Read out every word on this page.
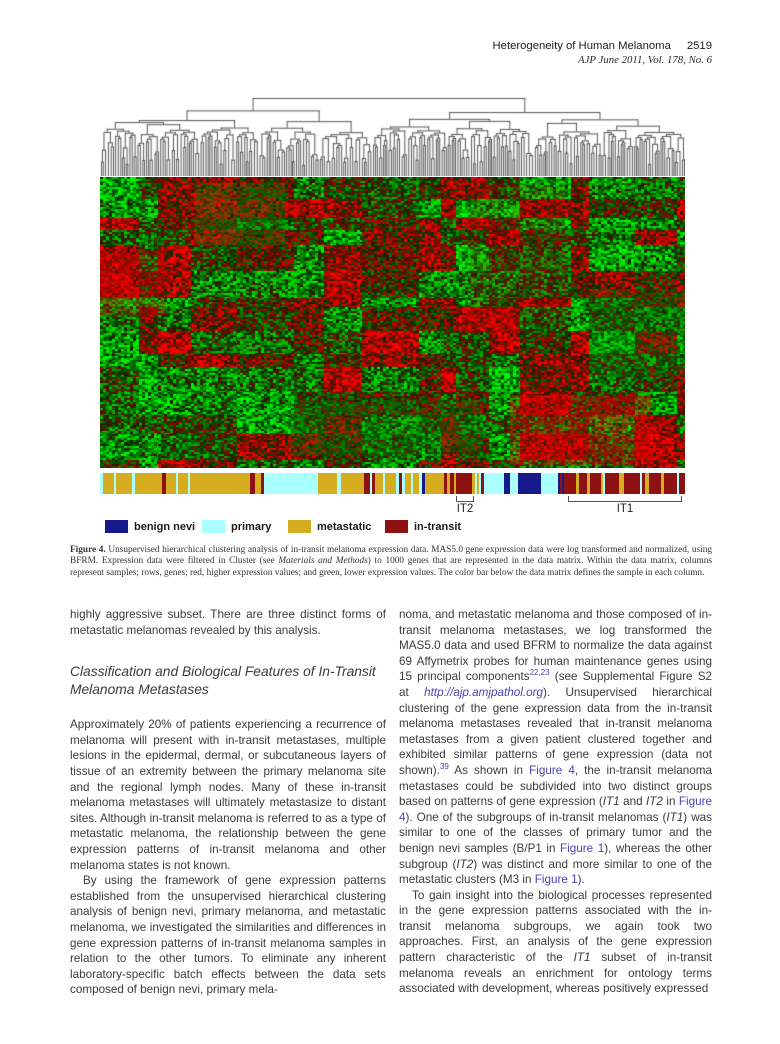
Heterogeneity of Human Melanoma 2519
AJP June 2011, Vol. 178, No. 6
IT2	IT1
benign nevi	primary	metastatic	in-transit
Figure 4. Unsupervised hierarchical clustering analysis of in-transit melanoma expression data. MAS5.0 gene expression data were log transformed and normalized, using BFRM. Expression data were filtered in Cluster (see Materials and Methods) to 1000 genes that are represented in the data matrix. Within the data matrix, columns represent samples; rows, genes; red, higher expression values; and green, lower expression values. The color bar below the data matrix defines the sample in each column.
highly aggressive subset. There are three distinct forms of metastatic melanomas revealed by this analysis.
Classification and Biological Features of In-Transit Melanoma Metastases
Approximately 20% of patients experiencing a recurrence of melanoma will present with in-transit metastases, multiple lesions in the epidermal, dermal, or subcutaneous layers of tissue of an extremity between the primary melanoma site and the regional lymph nodes. Many of these in-transit melanoma metastases will ultimately metastasize to distant sites. Although in-transit melanoma is referred to as a type of metastatic melanoma, the relationship between the gene expression patterns of in-transit melanoma and other melanoma states is not known.
By using the framework of gene expression patterns established from the unsupervised hierarchical clustering analysis of benign nevi, primary melanoma, and metastatic melanoma, we investigated the similarities and differences in gene expression patterns of in-transit melanoma samples in relation to the other tumors. To eliminate any inherent laboratory-specific batch effects between the data sets composed of benign nevi, primary mela-
noma, and metastatic melanoma and those composed of in-transit melanoma metastases, we log transformed the MAS5.0 data and used BFRM to normalize the data against 69 Affymetrix probes for human maintenance genes using 15 principal components$^{22,23}$ (see Supplemental Figure S2 at http://ajp.amjpathol.org). Unsupervised hierarchical clustering of the gene expression data from the in-transit melanoma metastases revealed that in-transit melanoma metastases from a given patient clustered together and exhibited similar patterns of gene expression (data not shown).$^{39}$ As shown in Figure 4, the in-transit melanoma metastases could be subdivided into two distinct groups based on patterns of gene expression (IT1 and IT2 in Figure 4). One of the subgroups of in-transit melanomas (IT1) was similar to one of the classes of primary tumor and the benign nevi samples (B/P1 in Figure 1), whereas the other subgroup (IT2) was distinct and more similar to one of the metastatic clusters (M3 in Figure 1).
To gain insight into the biological processes represented in the gene expression patterns associated with the in-transit melanoma subgroups, we again took two approaches. First, an analysis of the gene expression pattern characteristic of the IT1 subset of in-transit melanoma reveals an enrichment for ontology terms associated with development, whereas positively expressed
